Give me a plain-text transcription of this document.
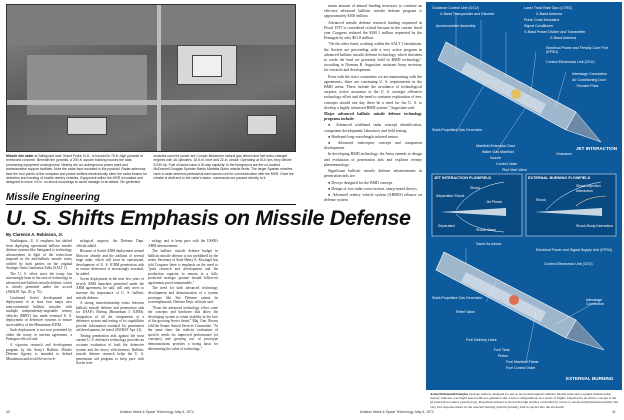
Missile site radar at Safeguard near Grand Forks, N.D., is housed in 75-ft.-high pyramid of reinforced concrete. Beneath the pyramid, a 200-ft. square building houses the data processing equipment underground. Nearby are an underground power plant and administrative support facilities. Note the radar face mounted in the pyramid. Radar antennas face the four points of the compass and phase shifters electronically steer the radar beams for detection and tracking of hostile reentry vehicles. Equipment within the MSR is isolated and designed to move 4.5 in. on shock mountings to avoid damage in an attack. Six generator modules used for power are Cooper-Bessemer natural gas diesel dual fuel turbo-charged engines with 16 cylinders, 15.5-in. bore and 22-in. stroke. Operating at 514 rpm, they deliver 5,000 hp. Fuel oil tanks have a 30-day capacity. In the foreground are the co-located McDonnell Douglas Sprinter Martin Marietta Sprint missile fields. The larger Spartan missiles have a radar antenna pedestal at each launch cell for communication with the MSR. Once the missile is aloft and in the radar's beam, commands are passed directly to it.
Missile Engineering
U. S. Shifts Emphasis on Missile Defense
By Clarence A. Robinson, Jr.

Washington—U. S. emphasis has shifted from deploying operational ballistic missile defense systems like Safeguard to technology advancement in light of the restrictions imposed in the anti-ballistic missile treaty ratified by both parties on the original Strategic Arms Limitation Talks (SALT 1).

The U. S. effort since the treaty has increasingly been in the area of technology in advanced anti-ballistic missile defense, which is closely permitted under the accord (AW&ST Apr. 29, p. 70).

Continued Soviet development and deployment of at least four major new intercontinental ballistic missiles with multiple independently-targetable reentry vehicles (MIRV) has made eventual U. S. deployment of defensive systems to ensure survivability of the Minuteman ICBM.

Such deployment is not now permitted by either the treaty or interim agreement, a Pentagon official said.

A vigorous research and development program by the Army's Ballistic Missile Defense Agency is intended to defend Minuteman and avoid Soviet tech-

nological surprise, the Defense Dept. official added.

Because of Soviet ABM deployment around Moscow already and the addition of several large radar, which will soon be operational, development of U. S. ICBM penetration aids to ensure deterrence is increasingly essential, he added.

Soviet deployment in the next few years of hi-tech ABM launchers permitted under the ABM agreement, he said, will only serve to increase the importance of U. S. ballistic missile defense.

A strong interrelationship exists between ballistic missile defense and penetration aids for USAF's Boeing Minuteman 3 ICBMs. Integration of all the components of a defensive system and testing of its capabilities provide information essential for penetration aid development, he noted (AW&ST Apr. 22).

Testing penetration aids against the most current U. S. defensive technology provides an accurate evaluation of both the defensive system and the decoy effectiveness. Ballistic missile defense research helps the U. S. penetration aid program to keep pace with Soviet tech-

nology and to keep pace with the USSR's ABM advancements.

The ballistic missile defense budget in ballistic missile defense is not prohibited by the treaty. Secretary of State Henry A. Kissinger has told Congress there is emphasis on the need to "push research and development and the production capacity to remain in a fully protected strategic posture should follow-on agreements prove unattainable."

The need for both advanced technology development and demonstration of a system prototype like Site Defense cannot be overemphasized, Defense Dept. officials said.

"From the advanced technology effort come the concepts and hardware that allow the developing system to retain viability in the face of the growing Soviet threat," Maj. Gen. Brown told the Senate Armed Services Committee. "At the same time, the realistic evaluation of specific needs for improved performance (or concepts) and growing use of prototype demonstrations provides a strong basis for determining the value of technology."

imum amount of annual funding necessary to continue an effective advanced ballistic missile defense program is approximately $100 million.

Advanced missile defense research funding requested in Fiscal 1975 is considered critical because in the current fiscal year Congress reduced the $100.1 million requested by the Pentagon by only $61.8 million.

"On the other hand, working within the SALT 1 limitations, the Soviets are proceeding with a very active program in advanced ballistic missile defense technology, which threatens to erode the lead we presently hold in BMD technology," according to Norman R. Augustine, assistant Army secretary for research and development.

Even with the strict constraints we are maintaining with the agreements, there are continuing U. S. requirements in the BMD arena. These include the avoidance of technological surprise, active assurance to the U. S. strategic offensive technology effort and the need to continue exploration of new concepts should one day there be a need for the U. S. to develop a highly advanced BMD system," Augustine said.

Major advanced ballistic missile defense technology programs include:

● Advanced wideband radar concept identification, component development, laboratory and field testing.

● Hardened long-wavelength infrared sensor.

● Advanced interceptor concept and component development.

In developing BMD technology, the Army intends to design and evaluation of penetration aids and explores reentry phenomenology.

Significant ballistic missile defense advancements in penetration aids are:

● Decoys designed for the BMD concept.

● Design of low-radar-cross-section, sharp-nosed decoys.

● Advanced reentry vehicle system (ABRES) reliance on defense system

Guidance Control Unit (GCU)
X-Band Transponder and Discrete
Accelerometer Assembly
Laser Triad Rate Gyro (LTRG)
X-Band Antenna
Pulse Code Modulator
Signal Conditioner
X-Band Power Divider and Transmitter
X-Band Antenna
Electrical Power and Freshly Cure Port (EPSU)
Control Electronics Unit (CEU)
Interstage Connection
Air Conditioning Duct
Thruster Pack
Solid-Propellant Gas Generator
Manifold Extension Duct
Water Gas Manifold
Nozzle
Control Valve
Pilot Vent Valve
Ordnance
JET INTERACTION
JET INTERACTION FLOWFIELD	EXTERNAL BURNING FLOWFIELD
Shock
Separation Shock
Jet Plume
Separated
Shock Wave
Shock-Injection
Interaction
Shock
Shock-Body Interaction
Same As Above
Electrical Power and Signal Supply Unit (EPSU)
Control Electronics Unit (CEU)
Solid-Propellant Gas Generator
Relief Valve
Fuel Delivery Lines
Fuel Tank
Piston
Fuel Manifold Flame
Fuel Control Valve
Interstage Connection
EXTERNAL BURNING
Army/McDonnell Douglas Upstage testbed, designed for use as an exoatmospheric ballistic missile interceptor against maneuvering reentry vehicles, was flight tested with two guidance and control configurations in a series of flights. Depicted in an artist's concept is the jet interaction control system (top). Propellant exhaust is ducted through nozzles controlled by valves to develop high maneuverability and very fast response times. In the external burning system (bottom), fuel is ejected into the airstream.
40	Aviation Week & Space Technology, May 6, 1974	Aviation Week & Space Technology, May 6, 1974	41
